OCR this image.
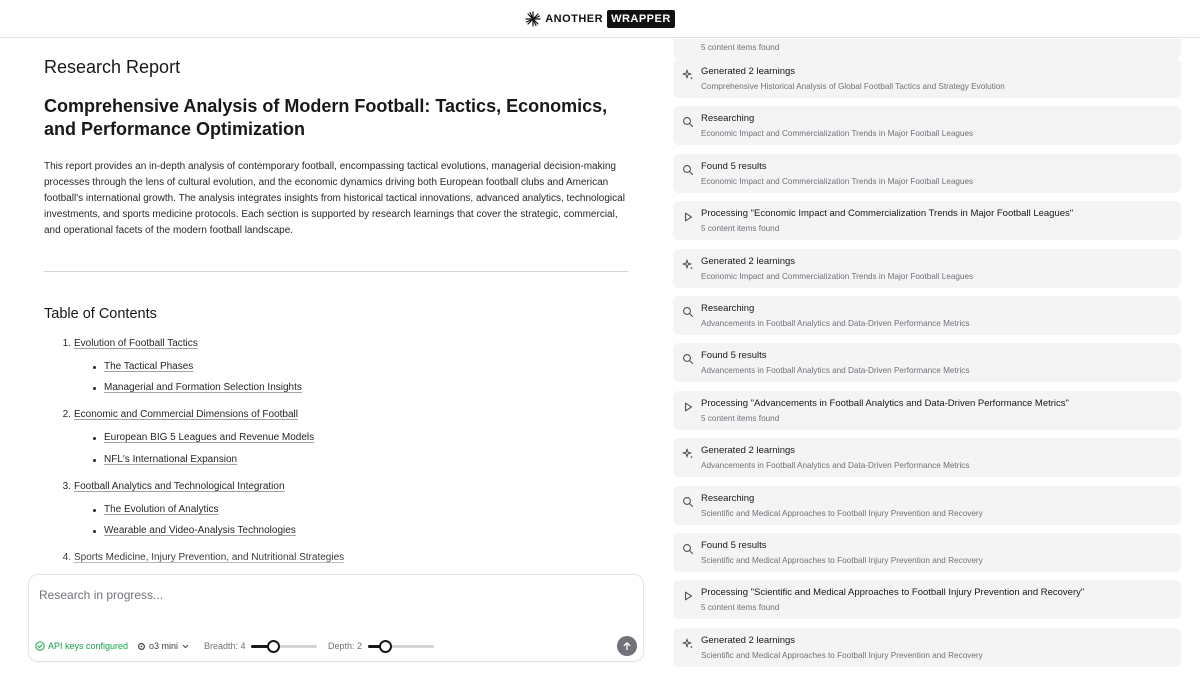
ANOTHER WRAPPER
Research Report
Comprehensive Analysis of Modern Football: Tactics, Economics, and Performance Optimization
This report provides an in-depth analysis of contemporary football, encompassing tactical evolutions, managerial decision-making processes through the lens of cultural evolution, and the economic dynamics driving both European football clubs and American football's international growth. The analysis integrates insights from historical tactical innovations, advanced analytics, technological investments, and sports medicine protocols. Each section is supported by research learnings that cover the strategic, commercial, and operational facets of the modern football landscape.
Table of Contents
1. Evolution of Football Tactics
The Tactical Phases
Managerial and Formation Selection Insights
2. Economic and Commercial Dimensions of Football
European BIG 5 Leagues and Revenue Models
NFL's International Expansion
3. Football Analytics and Technological Integration
The Evolution of Analytics
Wearable and Video-Analysis Technologies
4. Sports Medicine, Injury Prevention, and Nutritional Strategies
Research in progress...
API keys configured o3 mini	Breadth: 4	Depth: 2
5 content items found
Generated 2 learnings
Comprehensive Historical Analysis of Global Football Tactics and Strategy Evolution
Researching
Economic Impact and Commercialization Trends in Major Football Leagues
Found 5 results
Economic Impact and Commercialization Trends in Major Football Leagues
Processing "Economic Impact and Commercialization Trends in Major Football Leagues"
5 content items found
Generated 2 learnings
Economic Impact and Commercialization Trends in Major Football Leagues
Researching
Advancements in Football Analytics and Data-Driven Performance Metrics
Found 5 results
Advancements in Football Analytics and Data-Driven Performance Metrics
Processing "Advancements in Football Analytics and Data-Driven Performance Metrics"
5 content items found
Generated 2 learnings
Advancements in Football Analytics and Data-Driven Performance Metrics
Researching
Scientific and Medical Approaches to Football Injury Prevention and Recovery
Found 5 results
Scientific and Medical Approaches to Football Injury Prevention and Recovery
Processing "Scientific and Medical Approaches to Football Injury Prevention and Recovery"
5 content items found
Generated 2 learnings
Scientific and Medical Approaches to Football Injury Prevention and Recovery
